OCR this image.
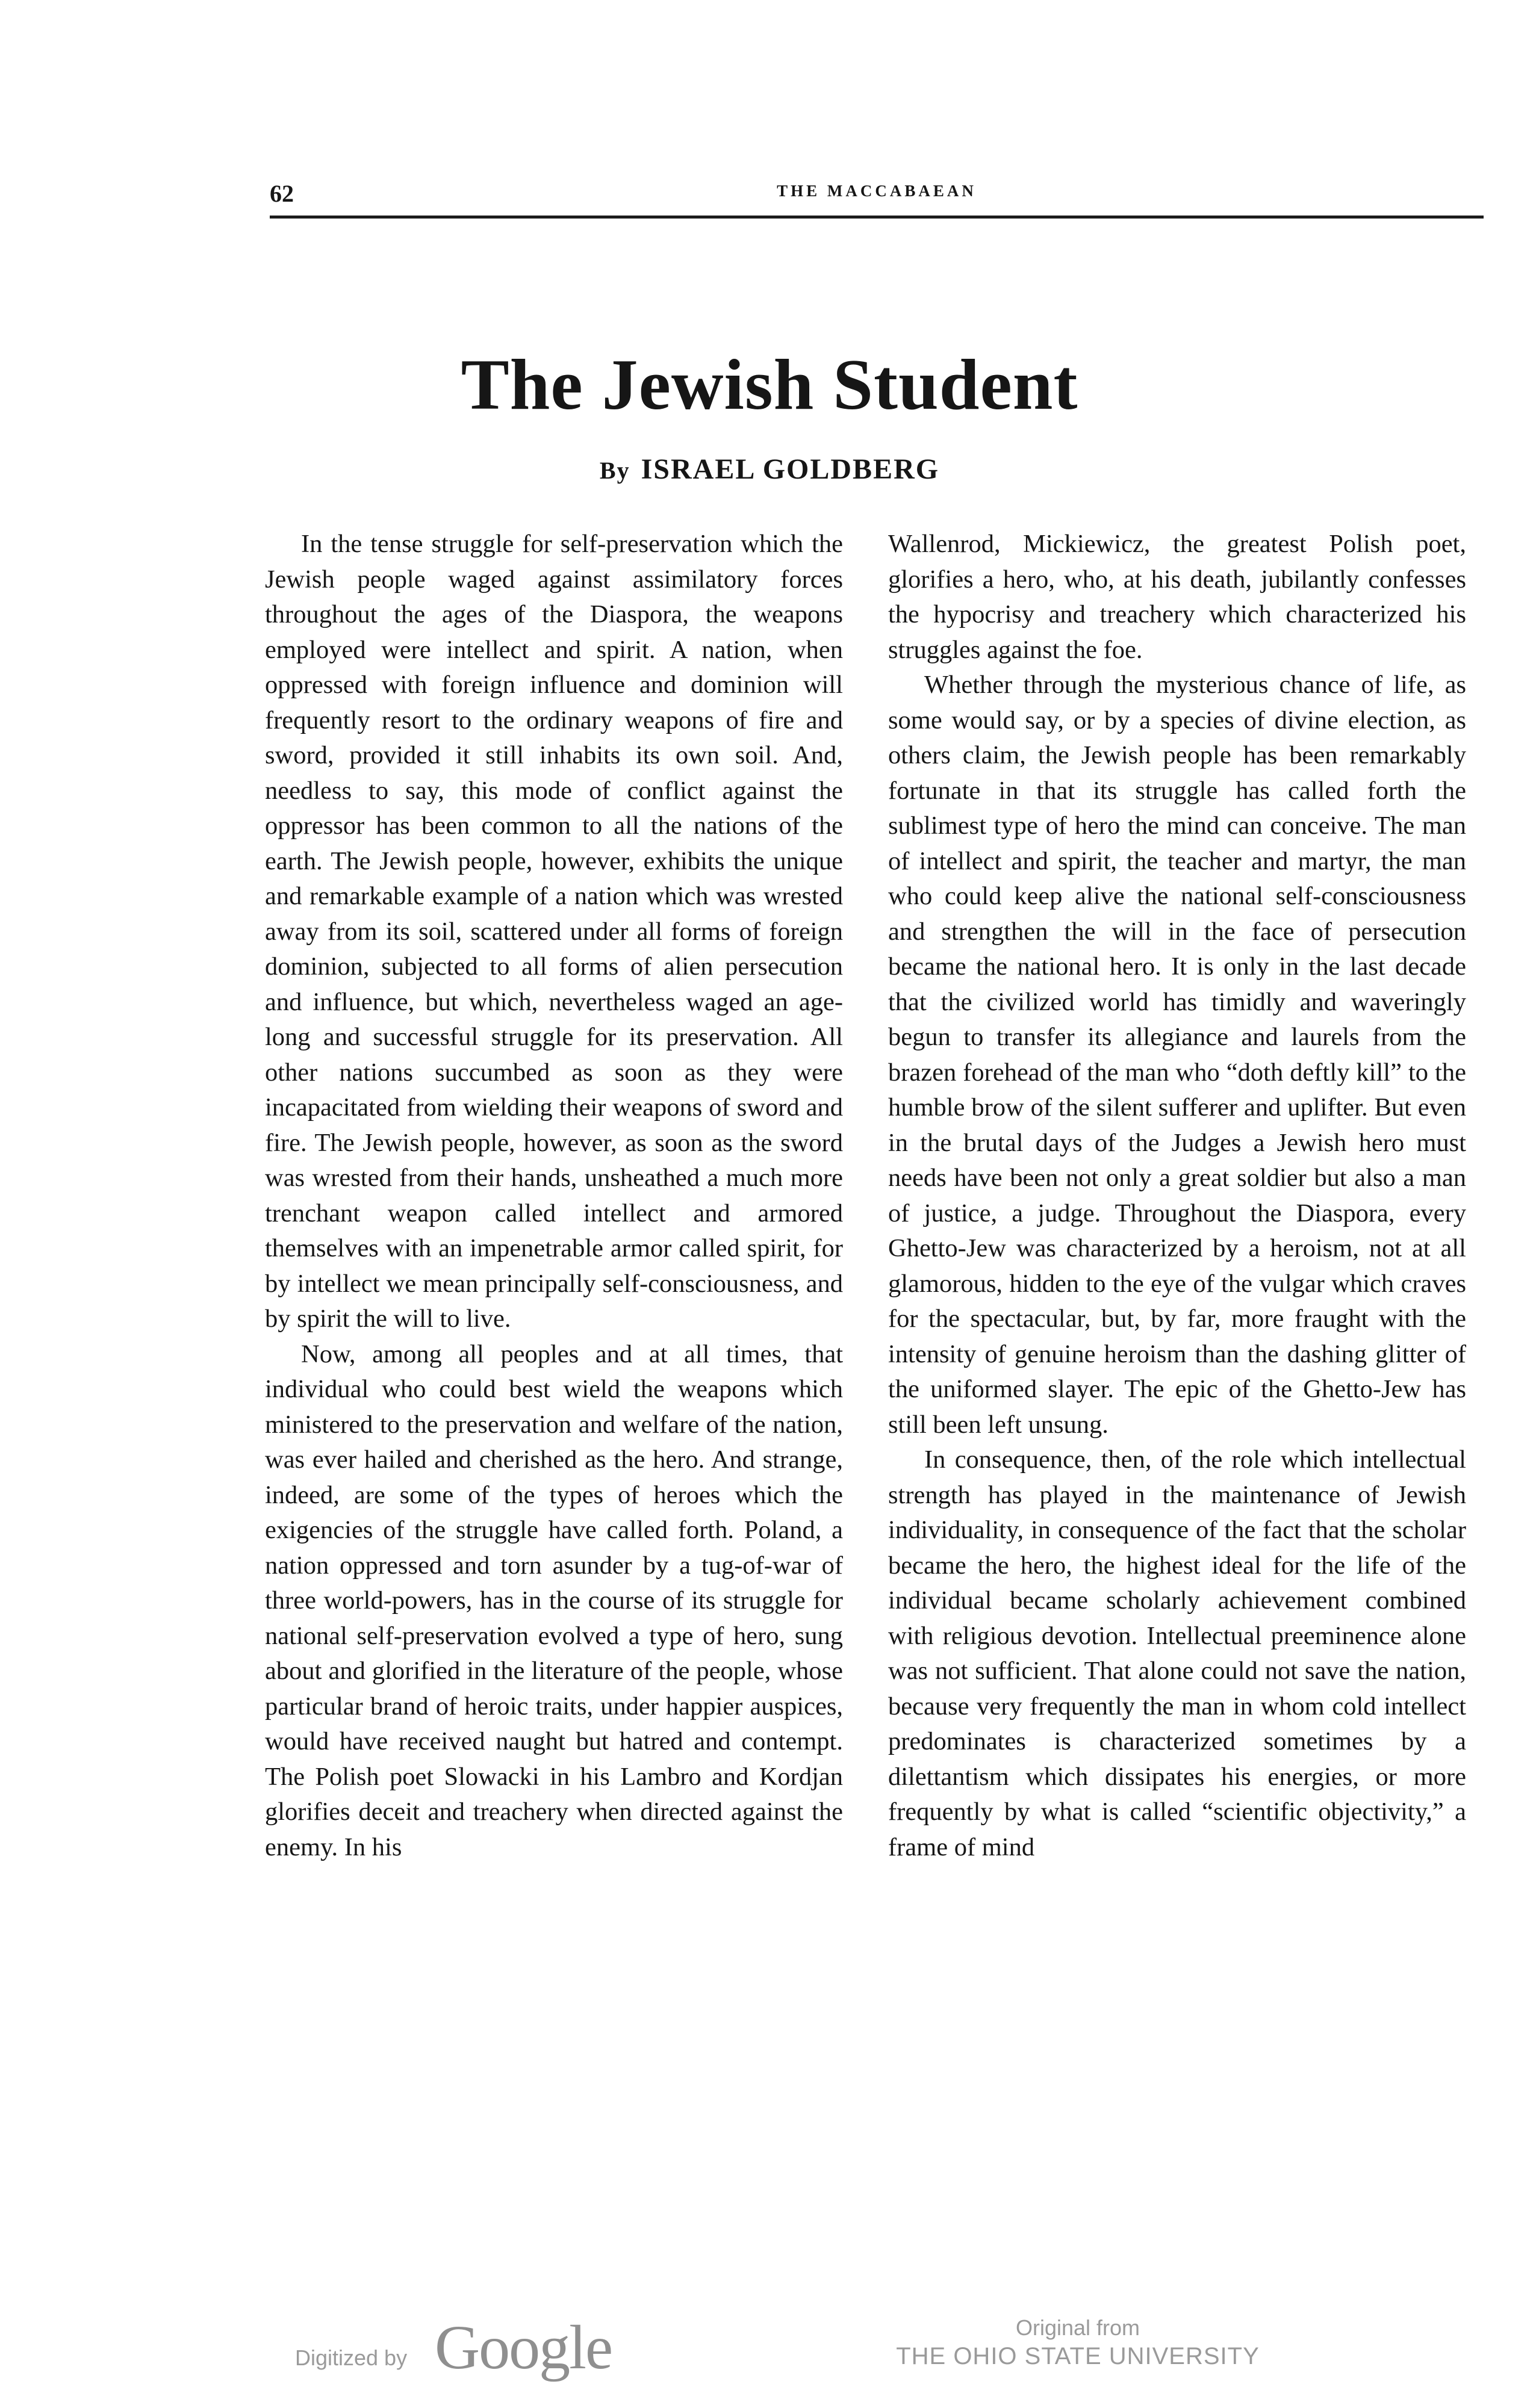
62	THE MACCABAEAN
The Jewish Student
By ISRAEL GOLDBERG

In the tense struggle for self-preservation which the Jewish people waged against assimilatory forces throughout the ages of the Diaspora, the weapons employed were intellect and spirit. A nation, when oppressed with foreign influence and dominion will frequently resort to the ordinary weapons of fire and sword, provided it still inhabits its own soil. And, needless to say, this mode of conflict against the oppressor has been common to all the nations of the earth. The Jewish people, however, exhibits the unique and remarkable example of a nation which was wrested away from its soil, scattered under all forms of foreign dominion, subjected to all forms of alien persecution and influence, but which, nevertheless waged an age-long and successful struggle for its preservation. All other nations succumbed as soon as they were incapacitated from wielding their weapons of sword and fire. The Jewish people, however, as soon as the sword was wrested from their hands, unsheathed a much more trenchant weapon called intellect and armored themselves with an impenetrable armor called spirit, for by intellect we mean principally self-consciousness, and by spirit the will to live.

Now, among all peoples and at all times, that individual who could best wield the weapons which ministered to the preservation and welfare of the nation, was ever hailed and cherished as the hero. And strange, indeed, are some of the types of heroes which the exigencies of the struggle have called forth. Poland, a nation oppressed and torn asunder by a tug-of-war of three world-powers, has in the course of its struggle for national self-preservation evolved a type of hero, sung about and glorified in the literature of the people, whose particular brand of heroic traits, under happier auspices, would have received naught but hatred and contempt. The Polish poet Slowacki in his Lambro and Kordjan glorifies deceit and treachery when directed against the enemy. In his

Wallenrod, Mickiewicz, the greatest Polish poet, glorifies a hero, who, at his death, jubilantly confesses the hypocrisy and treachery which characterized his struggles against the foe.

Whether through the mysterious chance of life, as some would say, or by a species of divine election, as others claim, the Jewish people has been remarkably fortunate in that its struggle has called forth the sublimest type of hero the mind can conceive. The man of intellect and spirit, the teacher and martyr, the man who could keep alive the national self-consciousness and strengthen the will in the face of persecution became the national hero. It is only in the last decade that the civilized world has timidly and waveringly begun to transfer its allegiance and laurels from the brazen forehead of the man who “doth deftly kill” to the humble brow of the silent sufferer and uplifter. But even in the brutal days of the Judges a Jewish hero must needs have been not only a great soldier but also a man of justice, a judge. Throughout the Diaspora, every Ghetto-Jew was characterized by a heroism, not at all glamorous, hidden to the eye of the vulgar which craves for the spectacular, but, by far, more fraught with the intensity of genuine heroism than the dashing glitter of the uniformed slayer. The epic of the Ghetto-Jew has still been left unsung.

In consequence, then, of the role which intellectual strength has played in the maintenance of Jewish individuality, in consequence of the fact that the scholar became the hero, the highest ideal for the life of the individual became scholarly achievement combined with religious devotion. Intellectual preeminence alone was not sufficient. That alone could not save the nation, because very frequently the man in whom cold intellect predominates is characterized sometimes by a dilettantism which dissipates his energies, or more frequently by what is called “scientific objectivity,” a frame of mind

Digitized by Google	Original from
THE OHIO STATE UNIVERSITY
